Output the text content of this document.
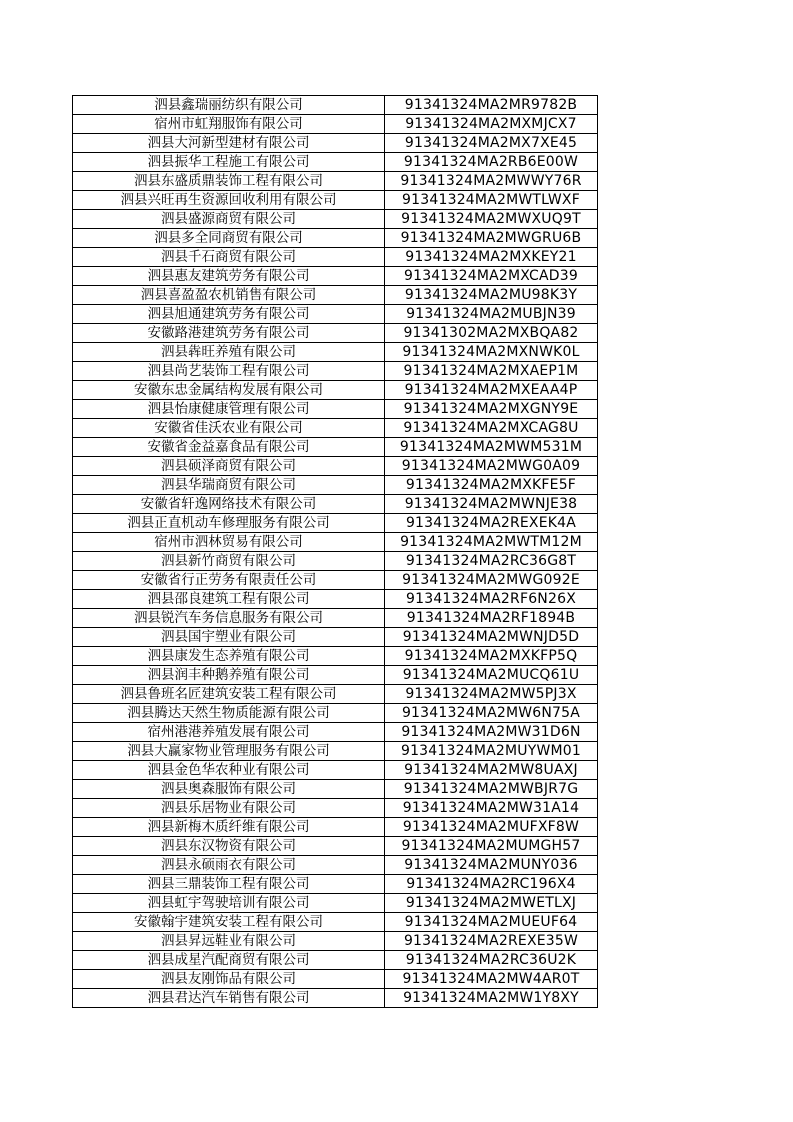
泗县鑫瑞丽纺织有限公司	91341324MA2MR9782B
宿州市虹翔服饰有限公司	91341324MA2MXMJCX7
泗县大河新型建材有限公司	91341324MA2MX7XE45
泗县振华工程施工有限公司	91341324MA2RB6E00W
泗县东盛质鼎装饰工程有限公司	91341324MA2MWWY76R
泗县兴旺再生资源回收利用有限公司	91341324MA2MWTLWXF
泗县盛源商贸有限公司	91341324MA2MWXUQ9T
泗县多全同商贸有限公司	91341324MA2MWGRU6B
泗县千石商贸有限公司	91341324MA2MXKEY21
泗县惠友建筑劳务有限公司	91341324MA2MXCAD39
泗县喜盈盈农机销售有限公司	91341324MA2MU98K3Y
泗县旭通建筑劳务有限公司	91341324MA2MUBJN39
安徽路港建筑劳务有限公司	91341302MA2MXBQA82
泗县犇旺养殖有限公司	91341324MA2MXNWK0L
泗县尚艺装饰工程有限公司	91341324MA2MXAEP1M
安徽东忠金属结构发展有限公司	91341324MA2MXEAA4P
泗县怡康健康管理有限公司	91341324MA2MXGNY9E
安徽省佳沃农业有限公司	91341324MA2MXCAG8U
安徽省金益嘉食品有限公司	91341324MA2MWM531M
泗县硕泽商贸有限公司	91341324MA2MWG0A09
泗县华瑞商贸有限公司	91341324MA2MXKFE5F
安徽省轩逸网络技术有限公司	91341324MA2MWNJE38
泗县正直机动车修理服务有限公司	91341324MA2REXEK4A
宿州市泗林贸易有限公司	91341324MA2MWTM12M
泗县新竹商贸有限公司	91341324MA2RC36G8T
安徽省行正劳务有限责任公司	91341324MA2MWG092E
泗县邵良建筑工程有限公司	91341324MA2RF6N26X
泗县锐汽车务信息服务有限公司	91341324MA2RF1894B
泗县国宇塑业有限公司	91341324MA2MWNJD5D
泗县康发生态养殖有限公司	91341324MA2MXKFP5Q
泗县润丰种鹅养殖有限公司	91341324MA2MUCQ61U
泗县鲁班名匠建筑安装工程有限公司	91341324MA2MW5PJ3X
泗县腾达天然生物质能源有限公司	91341324MA2MW6N75A
宿州港港养殖发展有限公司	91341324MA2MW31D6N
泗县大赢家物业管理服务有限公司	91341324MA2MUYWM01
泗县金色华农种业有限公司	91341324MA2MW8UAXJ
泗县奥森服饰有限公司	91341324MA2MWBJR7G
泗县乐居物业有限公司	91341324MA2MW31A14
泗县新梅木质纤维有限公司	91341324MA2MUFXF8W
泗县东汉物资有限公司	91341324MA2MUMGH57
泗县永硕雨衣有限公司	91341324MA2MUNY036
泗县三鼎装饰工程有限公司	91341324MA2RC196X4
泗县虹宇驾驶培训有限公司	91341324MA2MWETLXJ
安徽翰宇建筑安装工程有限公司	91341324MA2MUEUF64
泗县昇远鞋业有限公司	91341324MA2REXE35W
泗县成星汽配商贸有限公司	91341324MA2RC36U2K
泗县友刚饰品有限公司	91341324MA2MW4AR0T
泗县君达汽车销售有限公司	91341324MA2MW1Y8XY
